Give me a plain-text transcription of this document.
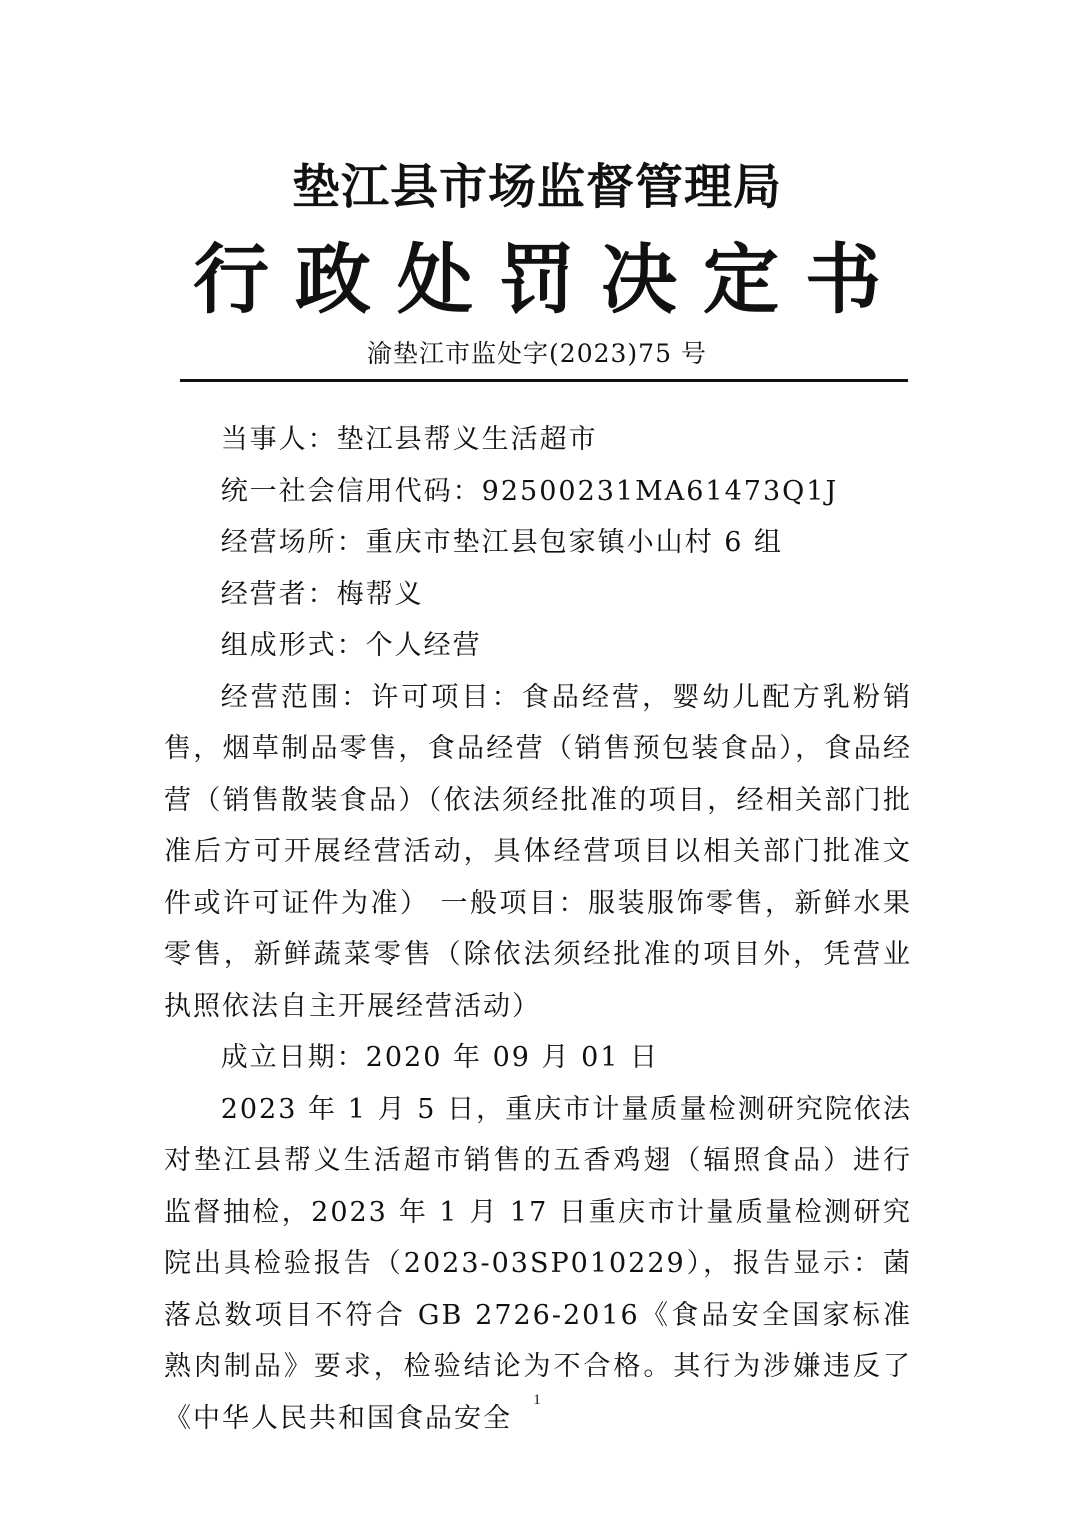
垫江县市场监督管理局
行政处罚决定书
渝垫江市监处字(2023)75 号

当事人：垫江县帮义生活超市

统一社会信用代码：92500231MA61473Q1J

经营场所：重庆市垫江县包家镇小山村 6 组

经营者：梅帮义

组成形式：个人经营

经营范围：许可项目：食品经营，婴幼儿配方乳粉销售，烟草制品零售，食品经营（销售预包装食品），食品经营（销售散装食品）（依法须经批准的项目，经相关部门批准后方可开展经营活动，具体经营项目以相关部门批准文件或许可证件为准） 一般项目：服装服饰零售，新鲜水果零售，新鲜蔬菜零售（除依法须经批准的项目外，凭营业执照依法自主开展经营活动）

成立日期：2020 年 09 月 01 日

2023 年 1 月 5 日，重庆市计量质量检测研究院依法对垫江县帮义生活超市销售的五香鸡翅（辐照食品）进行监督抽检，2023 年 1 月 17 日重庆市计量质量检测研究院出具检验报告（2023-03SP010229），报告显示：菌落总数项目不符合 GB 2726-2016《食品安全国家标准熟肉制品》要求，检验结论为不合格。其行为涉嫌违反了《中华人民共和国食品安全

1
